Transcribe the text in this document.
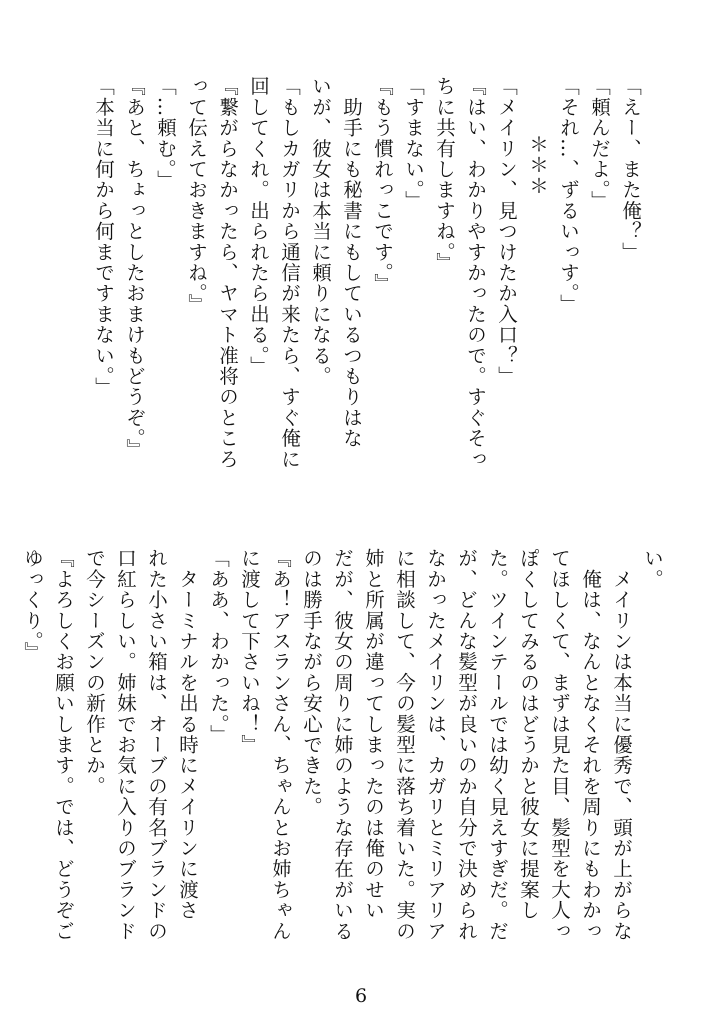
「えー、また俺？」
「頼んだよ。」
「それ…、ずるいっす。」
＊＊＊
「メイリン、見つけたか入口？」
『はい、わかりやすかったので。すぐそっ
ちに共有しますね。』
「すまない。」
『もう慣れっこです。』
　助手にも秘書にもしているつもりはな
いが、彼女は本当に頼りになる。
「もしカガリから通信が来たら、すぐ俺に
回してくれ。出られたら出る。」
『繋がらなかったら、ヤマト准将のところ
って伝えておきますね。』
「…頼む。」
『あと、ちょっとしたおまけもどうぞ。』
「本当に何から何まですまない。」
い。
　メイリンは本当に優秀で、頭が上がらな
　俺は、なんとなくそれを周りにもわかっ
てほしくて、まずは見た目、髪型を大人っ
ぽくしてみるのはどうかと彼女に提案し
た。ツインテールでは幼く見えすぎだ。だ
が、どんな髪型が良いのか自分で決められ
なかったメイリンは、カガリとミリアリア
に相談して、今の髪型に落ち着いた。実の
姉と所属が違ってしまったのは俺のせい
だが、彼女の周りに姉のような存在がいる
のは勝手ながら安心できた。
『あ！アスランさん、ちゃんとお姉ちゃん
に渡して下さいね！』
「ああ、わかった。」
　ターミナルを出る時にメイリンに渡さ
れた小さい箱は、オーブの有名ブランドの
口紅らしい。姉妹でお気に入りのブランド
で今シーズンの新作とか。
『よろしくお願いします。では、どうぞご
ゆっくり。』
6
